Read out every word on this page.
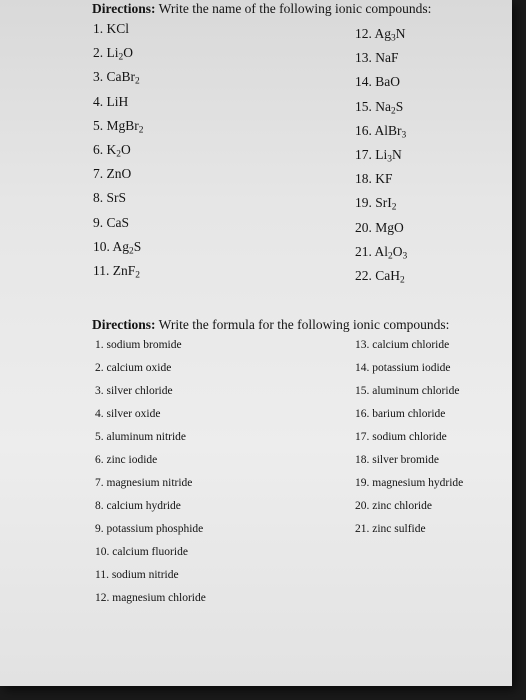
Directions: Write the name of the following ionic compounds:
1. KCl
2. $Li_2O$
3. CaBr$_2$
4. LiH
5. MgBr$_2$
6. $K_2O$
7. ZnO
8. SrS
9. CaS
10. $Ag_2S$
11. ZnF$_2$
12. $Ag_3N$
13. NaF
14. BaO
15. $Na_2S$
16. AlBr$_3$
17. $Li_3N$
18. KF
19. SrI$_2$
20. MgO
21. $Al_2O_3$
22. CaH$_2$
Directions: Write the formula for the following ionic compounds:
1. sodium bromide
2. calcium oxide
3. silver chloride
4. silver oxide
5. aluminum nitride
6. zinc iodide
7. magnesium nitride
8. calcium hydride
9. potassium phosphide
10. calcium fluoride
11. sodium nitride
12. magnesium chloride
13. calcium chloride
14. potassium iodide
15. aluminum chloride
16. barium chloride
17. sodium chloride
18. silver bromide
19. magnesium hydride
20. zinc chloride
21. zinc sulfide
